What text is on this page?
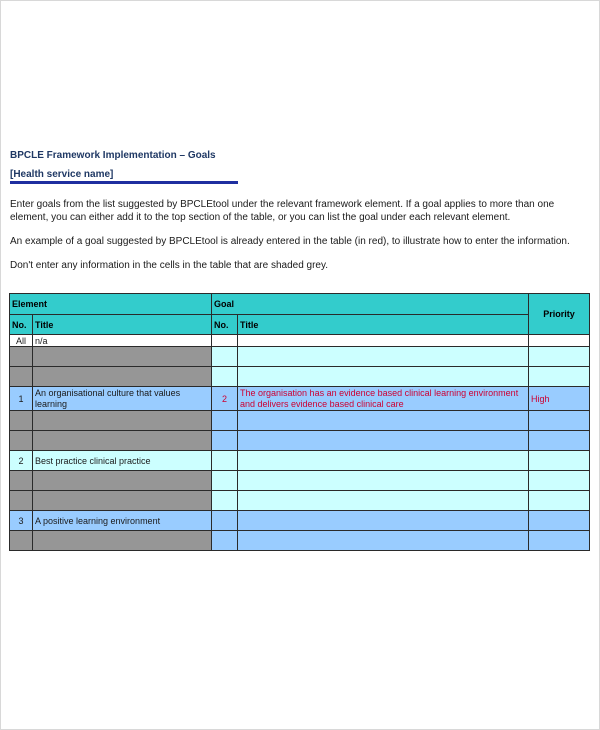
BPCLE Framework Implementation – Goals
[Health service name]
Enter goals from the list suggested by BPCLEtool under the relevant framework element. If a goal applies to more than one element, you can either add it to the top section of the table, or you can list the goal under each relevant element.
An example of a goal suggested by BPCLEtool is already entered in the table (in red), to illustrate how to enter the information.
Don't enter any information in the cells in the table that are shaded grey.
Element		Goal		Priority
No.	Title	No.	Title	
All	n/a			

1	An organisational culture that values learning	2	The organisation has an evidence based clinical learning environment and delivers evidence based clinical care	High

2	Best practice clinical practice			

3	A positive learning environment			
